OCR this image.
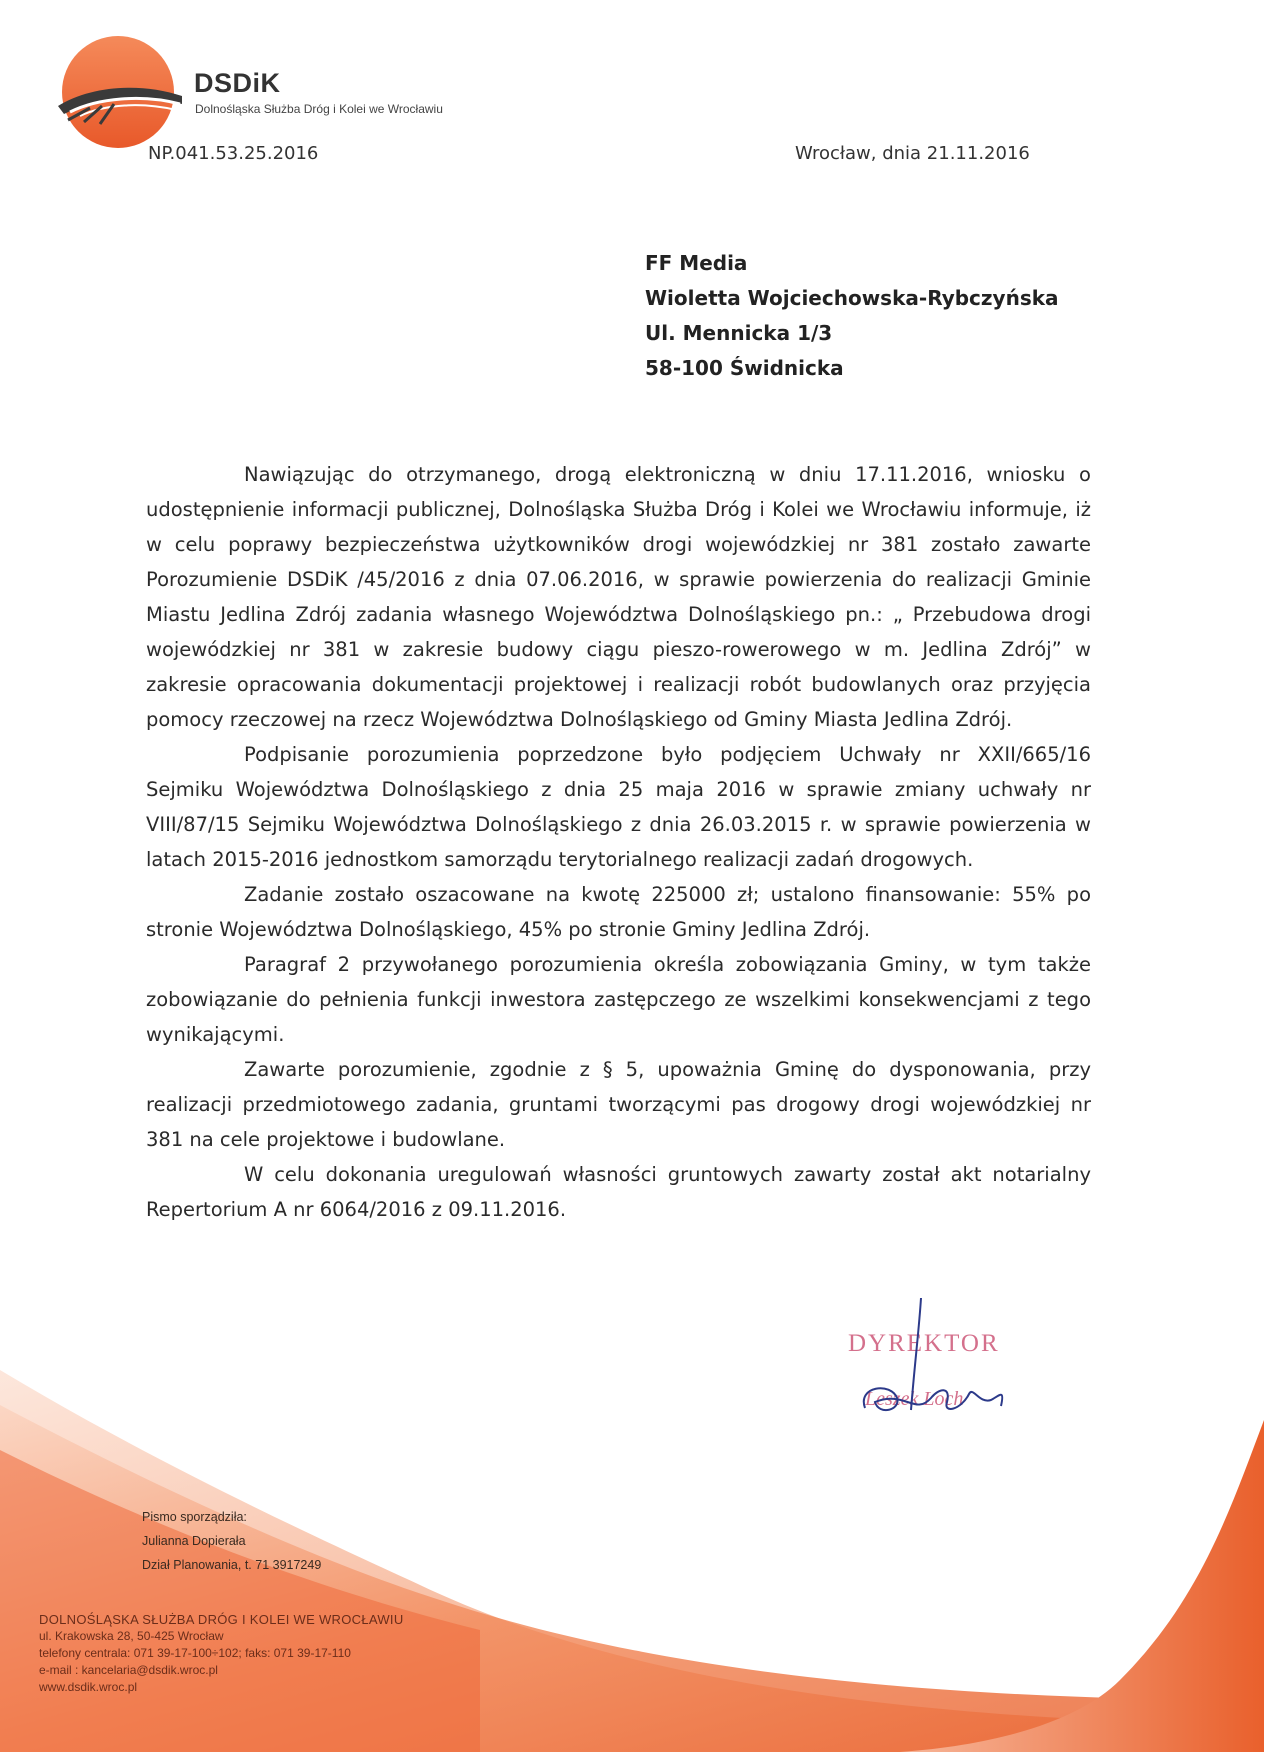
DSDiK
Dolnośląska Służba Dróg i Kolei we Wrocławiu
NP.041.53.25.2016	Wrocław, dnia 21.11.2016
FF Media
Wioletta Wojciechowska-Rybczyńska
Ul. Mennicka 1/3
58-100 Świdnicka

Nawiązując do otrzymanego, drogą elektroniczną w dniu 17.11.2016, wniosku o udostępnienie informacji publicznej, Dolnośląska Służba Dróg i Kolei we Wrocławiu informuje, iż w celu poprawy bezpieczeństwa użytkowników drogi wojewódzkiej nr 381 zostało zawarte Porozumienie DSDiK /45/2016 z dnia 07.06.2016, w sprawie powierzenia do realizacji Gminie Miastu Jedlina Zdrój zadania własnego Województwa Dolnośląskiego pn.: „ Przebudowa drogi wojewódzkiej nr 381 w zakresie budowy ciągu pieszo-rowerowego w m. Jedlina Zdrój” w zakresie opracowania dokumentacji projektowej i realizacji robót budowlanych oraz przyjęcia pomocy rzeczowej na rzecz Województwa Dolnośląskiego od Gminy Miasta Jedlina Zdrój.

Podpisanie porozumienia poprzedzone było podjęciem Uchwały nr XXII/665/16 Sejmiku Województwa Dolnośląskiego z dnia 25 maja 2016 w sprawie zmiany uchwały nr VIII/87/15 Sejmiku Województwa Dolnośląskiego z dnia 26.03.2015 r. w sprawie powierzenia w latach 2015-2016 jednostkom samorządu terytorialnego realizacji zadań drogowych.

Zadanie zostało oszacowane na kwotę 225000 zł; ustalono finansowanie: 55% po stronie Województwa Dolnośląskiego, 45% po stronie Gminy Jedlina Zdrój.

Paragraf 2 przywołanego porozumienia określa zobowiązania Gminy, w tym także zobowiązanie do pełnienia funkcji inwestora zastępczego ze wszelkimi konsekwencjami z tego wynikającymi.

Zawarte porozumienie, zgodnie z § 5, upoważnia Gminę do dysponowania, przy realizacji przedmiotowego zadania, gruntami tworzącymi pas drogowy drogi wojewódzkiej nr 381 na cele projektowe i budowlane.

W celu dokonania uregulowań własności gruntowych zawarty został akt notarialny Repertorium A nr 6064/2016 z 09.11.2016.

DYREKTOR
Leszek Loch
Pismo sporządziła:
Julianna Dopierała
Dział Planowania, t. 71 3917249
DOLNOŚLĄSKA SŁUŻBA DRÓG I KOLEI WE WROCŁAWIU
ul. Krakowska 28, 50-425 Wrocław
telefony centrala: 071 39-17-100÷102; faks: 071 39-17-110
e-mail : kancelaria@dsdik.wroc.pl
www.dsdik.wroc.pl
